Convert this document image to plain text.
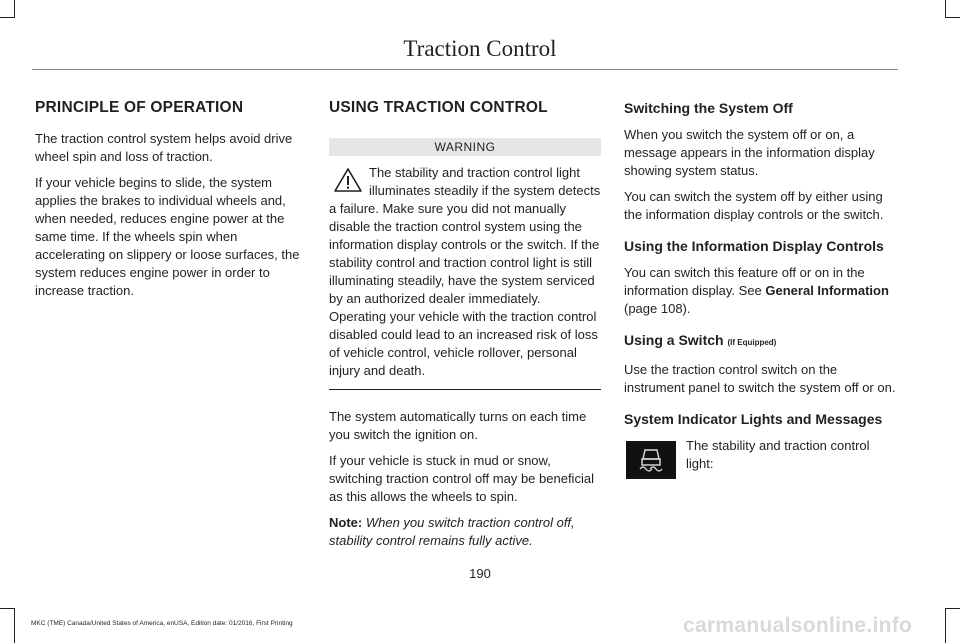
Traction Control
PRINCIPLE OF OPERATION

The traction control system helps avoid drive wheel spin and loss of traction.

If your vehicle begins to slide, the system applies the brakes to individual wheels and, when needed, reduces engine power at the same time. If the wheels spin when accelerating on slippery or loose surfaces, the system reduces engine power in order to increase traction.

USING TRACTION CONTROL
WARNING
The stability and traction control light illuminates steadily if the system detects a failure. Make sure you did not manually disable the traction control system using the information display controls or the switch. If the stability control and traction control light is still illuminating steadily, have the system serviced by an authorized dealer immediately. Operating your vehicle with the traction control disabled could lead to an increased risk of loss of vehicle control, vehicle rollover, personal injury and death.

The system automatically turns on each time you switch the ignition on.

If your vehicle is stuck in mud or snow, switching traction control off may be beneficial as this allows the wheels to spin.

Note: When you switch traction control off, stability control remains fully active.

Switching the System Off

When you switch the system off or on, a message appears in the information display showing system status.

You can switch the system off by either using the information display controls or the switch.

Using the Information Display Controls

You can switch this feature off or on in the information display. See General Information
(page 108).

Using a Switch (If Equipped)

Use the traction control switch on the instrument panel to switch the system off or on.

System Indicator Lights and Messages
The stability and traction control light:
190
MKC (TME) Canada/United States of America, enUSA, Edition date: 01/2016, First Printing	carmanualsonline.info
